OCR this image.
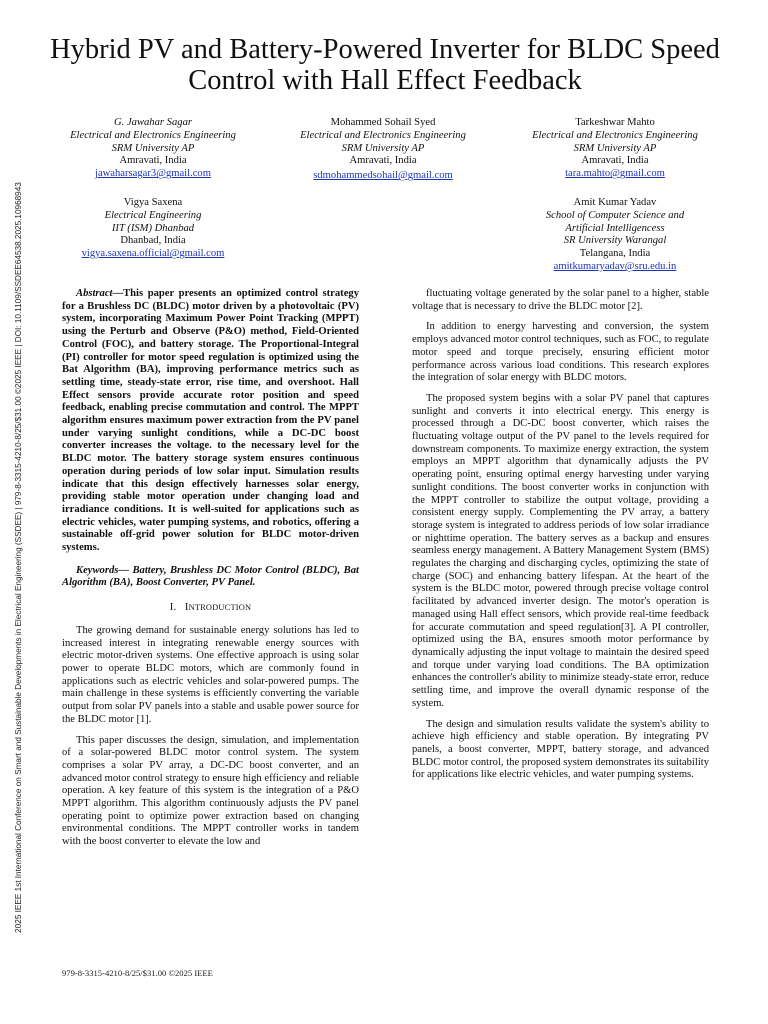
2025 IEEE 1st International Conference on Smart and Sustainable Developments in Electrical Engineering (SSDEE) | 979-8-3315-4210-8/25/$31.00 ©2025 IEEE | DOI: 10.1109/SSDEE64538.2025.10968943
Hybrid PV and Battery-Powered Inverter for BLDC Speed Control with Hall Effect Feedback
G. Jawahar Sagar
Electrical and Electronics Engineering
SRM University AP
Amravati, India
jawaharsagar3@gmail.com
Mohammed Sohail Syed
Electrical and Electronics Engineering
SRM University AP
Amravati, India
sdmohammedsohail@gmail.com
Tarkeshwar Mahto
Electrical and Electronics Engineering
SRM University AP
Amravati, India
tara.mahto@gmail.com
Vigya Saxena
Electrical Engineering
IIT (ISM) Dhanbad
Dhanbad, India
vigya.saxena.official@gmail.com
Amit Kumar Yadav
School of Computer Science and
Artificial Intelligencess
SR University Warangal
Telangana, India
amitkumaryadav@sru.edu.in

Abstract—This paper presents an optimized control strategy for a Brushless DC (BLDC) motor driven by a photovoltaic (PV) system, incorporating Maximum Power Point Tracking (MPPT) using the Perturb and Observe (P&O) method, Field-Oriented Control (FOC), and battery storage. The Proportional-Integral (PI) controller for motor speed regulation is optimized using the Bat Algorithm (BA), improving performance metrics such as settling time, steady-state error, rise time, and overshoot. Hall Effect sensors provide accurate rotor position and speed feedback, enabling precise commutation and control. The MPPT algorithm ensures maximum power extraction from the PV panel under varying sunlight conditions, while a DC-DC boost converter increases the voltage. to the necessary level for the BLDC motor. The battery storage system ensures continuous operation during periods of low solar input. Simulation results indicate that this design effectively harnesses solar energy, providing stable motor operation under changing load and irradiance conditions. It is well-suited for applications such as electric vehicles, water pumping systems, and robotics, offering a sustainable off-grid power solution for BLDC motor-driven systems.

Keywords— Battery, Brushless DC Motor Control (BLDC), Bat Algorithm (BA), Boost Converter, PV Panel.

I. INTRODUCTION

The growing demand for sustainable energy solutions has led to increased interest in integrating renewable energy sources with electric motor-driven systems. One effective approach is using solar power to operate BLDC motors, which are commonly found in applications such as electric vehicles and solar-powered pumps. The main challenge in these systems is efficiently converting the variable output from solar PV panels into a stable and usable power source for the BLDC motor [1].

This paper discusses the design, simulation, and implementation of a solar-powered BLDC motor control system. The system comprises a solar PV array, a DC-DC boost converter, and an advanced motor control strategy to ensure high efficiency and reliable operation. A key feature of this system is the integration of a P&O MPPT algorithm. This algorithm continuously adjusts the PV panel operating point to optimize power extraction based on changing environmental conditions. The MPPT controller works in tandem with the boost converter to elevate the low and

fluctuating voltage generated by the solar panel to a higher, stable voltage that is necessary to drive the BLDC motor [2].

In addition to energy harvesting and conversion, the system employs advanced motor control techniques, such as FOC, to regulate motor speed and torque precisely, ensuring efficient motor performance across various load conditions. This research explores the integration of solar energy with BLDC motors.

The proposed system begins with a solar PV panel that captures sunlight and converts it into electrical energy. This energy is processed through a DC-DC boost converter, which raises the fluctuating voltage output of the PV panel to the levels required for downstream components. To maximize energy extraction, the system employs an MPPT algorithm that dynamically adjusts the PV operating point, ensuring optimal energy harvesting under varying sunlight conditions. The boost converter works in conjunction with the MPPT controller to stabilize the output voltage, providing a consistent energy supply. Complementing the PV array, a battery storage system is integrated to address periods of low solar irradiance or nighttime operation. The battery serves as a backup and ensures seamless energy management. A Battery Management System (BMS) regulates the charging and discharging cycles, optimizing the state of charge (SOC) and enhancing battery lifespan. At the heart of the system is the BLDC motor, powered through precise voltage control facilitated by advanced inverter design. The motor's operation is managed using Hall effect sensors, which provide real-time feedback for accurate commutation and speed regulation[3]. A PI controller, optimized using the BA, ensures smooth motor performance by dynamically adjusting the input voltage to maintain the desired speed and torque under varying load conditions. The BA optimization enhances the controller's ability to minimize steady-state error, reduce settling time, and improve the overall dynamic response of the system.

The design and simulation results validate the system's ability to achieve high efficiency and stable operation. By integrating PV panels, a boost converter, MPPT, battery storage, and advanced BLDC motor control, the proposed system demonstrates its suitability for applications like electric vehicles, and water pumping systems.

979-8-3315-4210-8/25/$31.00 ©2025 IEEE
